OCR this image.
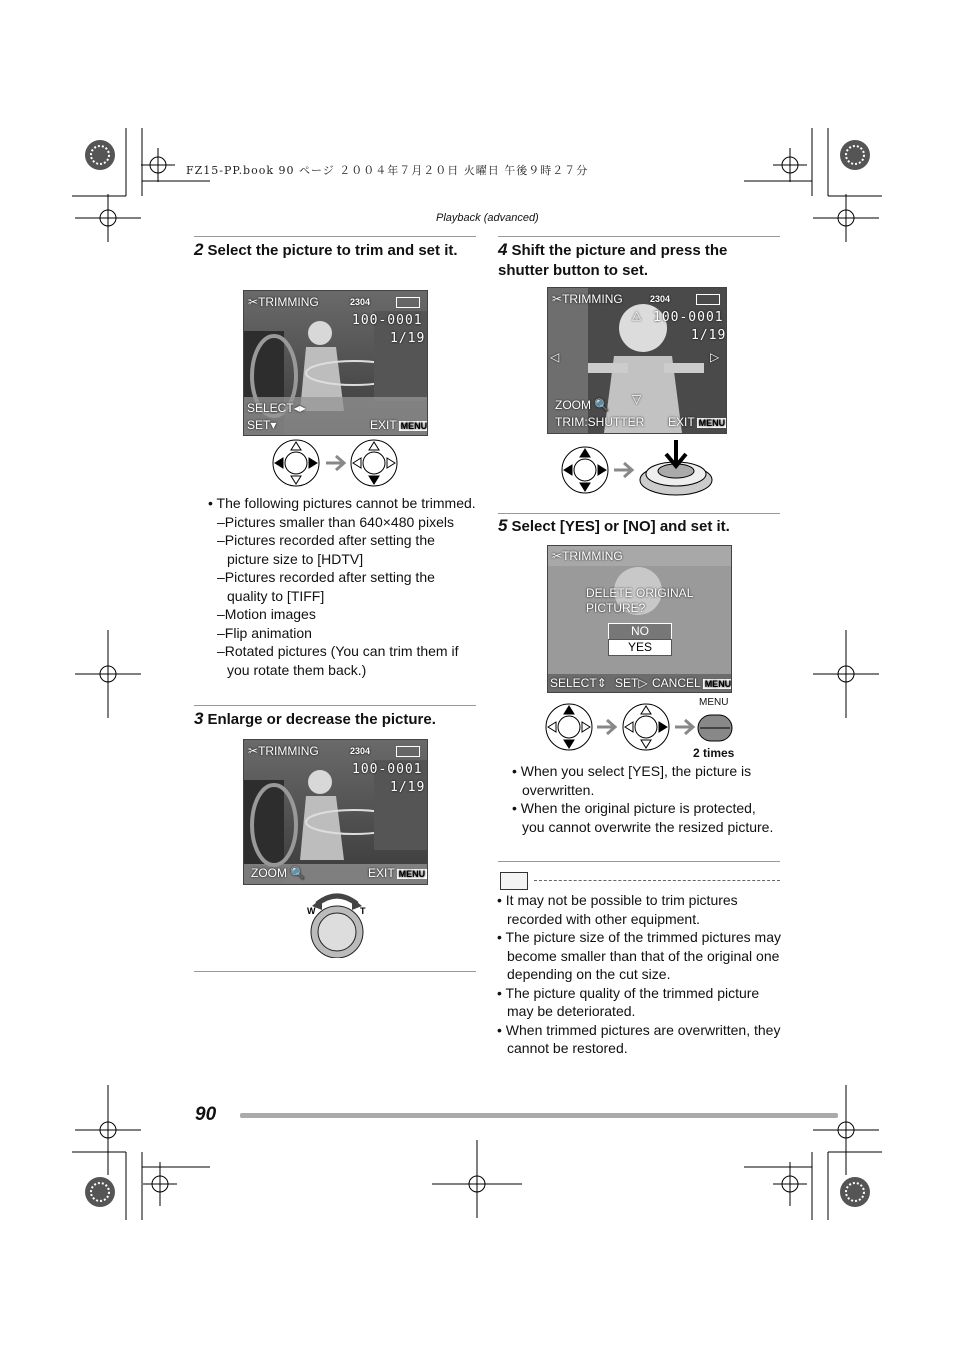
FZ15-PP.book 90 ページ ２００４年７月２０日 火曜日 午後９時２７分
Playback (advanced)
2 Select the picture to trim and set it.
✂TRIMMING	2304
100-0001
1/19
SELECT◂▸
SET▾	EXIT MENU

• The following pictures cannot be trimmed.

–Pictures smaller than 640×480 pixels

–Pictures recorded after setting the picture size to [HDTV]

–Pictures recorded after setting the quality to [TIFF]

–Motion images

–Flip animation

–Rotated pictures (You can trim them if you rotate them back.)

3 Enlarge or decrease the picture.
✂TRIMMING	2304
100-0001
1/19
ZOOM 🔍	EXIT MENU
W	T
4 Shift the picture and press the shutter button to set.
✂TRIMMING	2304
100-0001
1/19
△
▽
◁	▷
ZOOM 🔍
TRIM:SHUTTER EXIT MENU
5 Select [YES] or [NO] and set it.
✂TRIMMING
DELETE ORIGINAL PICTURE?
NO
YES
SELECT⇕ SET▷ CANCEL MENU
MENU
2 times

• When you select [YES], the picture is overwritten.

• When the original picture is protected, you cannot overwrite the resized picture.

• It may not be possible to trim pictures recorded with other equipment.

• The picture size of the trimmed pictures may become smaller than that of the original one depending on the cut size.

• The picture quality of the trimmed picture may be deteriorated.

• When trimmed pictures are overwritten, they cannot be restored.

90
